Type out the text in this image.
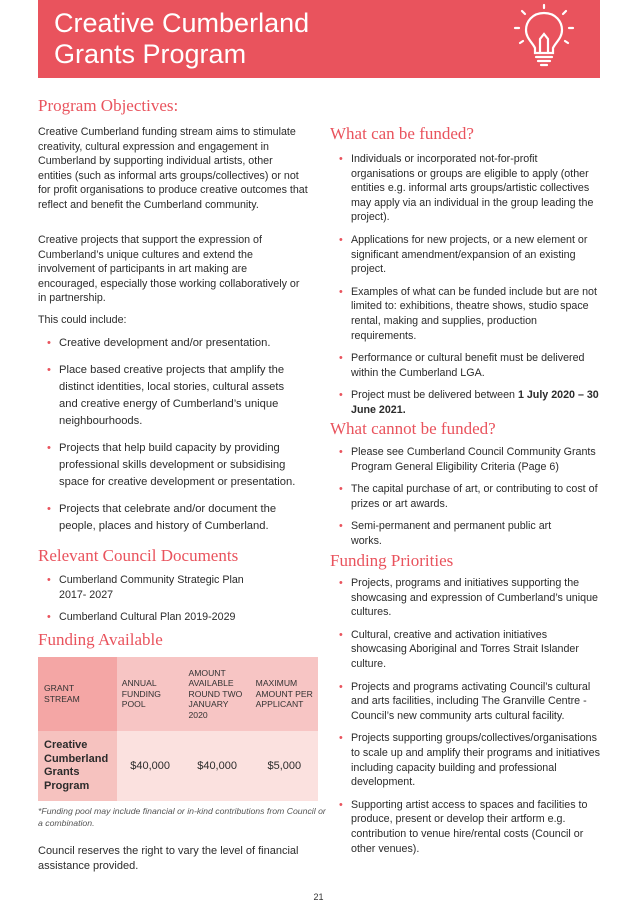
Creative Cumberland
Grants Program
Program Objectives:

Creative Cumberland funding stream aims to stimulate creativity, cultural expression and engagement in Cumberland by supporting individual artists, other entities (such as informal arts groups/collectives) or not for profit organisations to produce creative outcomes that reflect and benefit the Cumberland community.

Creative projects that support the expression of Cumberland’s unique cultures and extend the involvement of participants in art making are encouraged, especially those working collaboratively or in partnership.

This could include:

• Creative development and/or presentation.
• Place based creative projects that amplify the distinct identities, local stories, cultural assets and creative energy of Cumberland’s unique neighbourhoods.
• Projects that help build capacity by providing professional skills development or subsidising space for creative development or presentation.
• Projects that celebrate and/or document the people, places and history of Cumberland.
Relevant Council Documents
• Cumberland Community Strategic Plan 2017- 2027
• Cumberland Cultural Plan 2019-2029
Funding Available
GRANT STREAM	ANNUAL FUNDING POOL	AMOUNT AVAILABLE ROUND TWO JANUARY 2020	MAXIMUM AMOUNT PER APPLICANT
Creative Cumberland Grants Program	$40,000	$40,000	$5,000
*Funding pool may include financial or in-kind contributions from Council or a combination.

Council reserves the right to vary the level of financial assistance provided.

What can be funded?
• Individuals or incorporated not-for-profit organisations or groups are eligible to apply (other entities e.g. informal arts groups/artistic collectives may apply via an individual in the group leading the project).
• Applications for new projects, or a new element or significant amendment/expansion of an existing project.
• Examples of what can be funded include but are not limited to: exhibitions, theatre shows, studio space rental, making and supplies, production requirements.
• Performance or cultural benefit must be delivered within the Cumberland LGA.
• Project must be delivered between 1 July 2020 – 30 June 2021.
What cannot be funded?
• Please see Cumberland Council Community Grants Program General Eligibility Criteria (Page 6)
• The capital purchase of art, or contributing to cost of prizes or art awards.
• Semi-permanent and permanent public art works.
Funding Priorities
• Projects, programs and initiatives supporting the showcasing and expression of Cumberland’s unique cultures.
• Cultural, creative and activation initiatives showcasing Aboriginal and Torres Strait Islander culture.
• Projects and programs activating Council’s cultural and arts facilities, including The Granville Centre - Council’s new community arts cultural facility.
• Projects supporting groups/collectives/organisations to scale up and amplify their programs and initiatives including capacity building and professional development.
• Supporting artist access to spaces and facilities to produce, present or develop their artform e.g. contribution to venue hire/rental costs (Council or other venues).
21
